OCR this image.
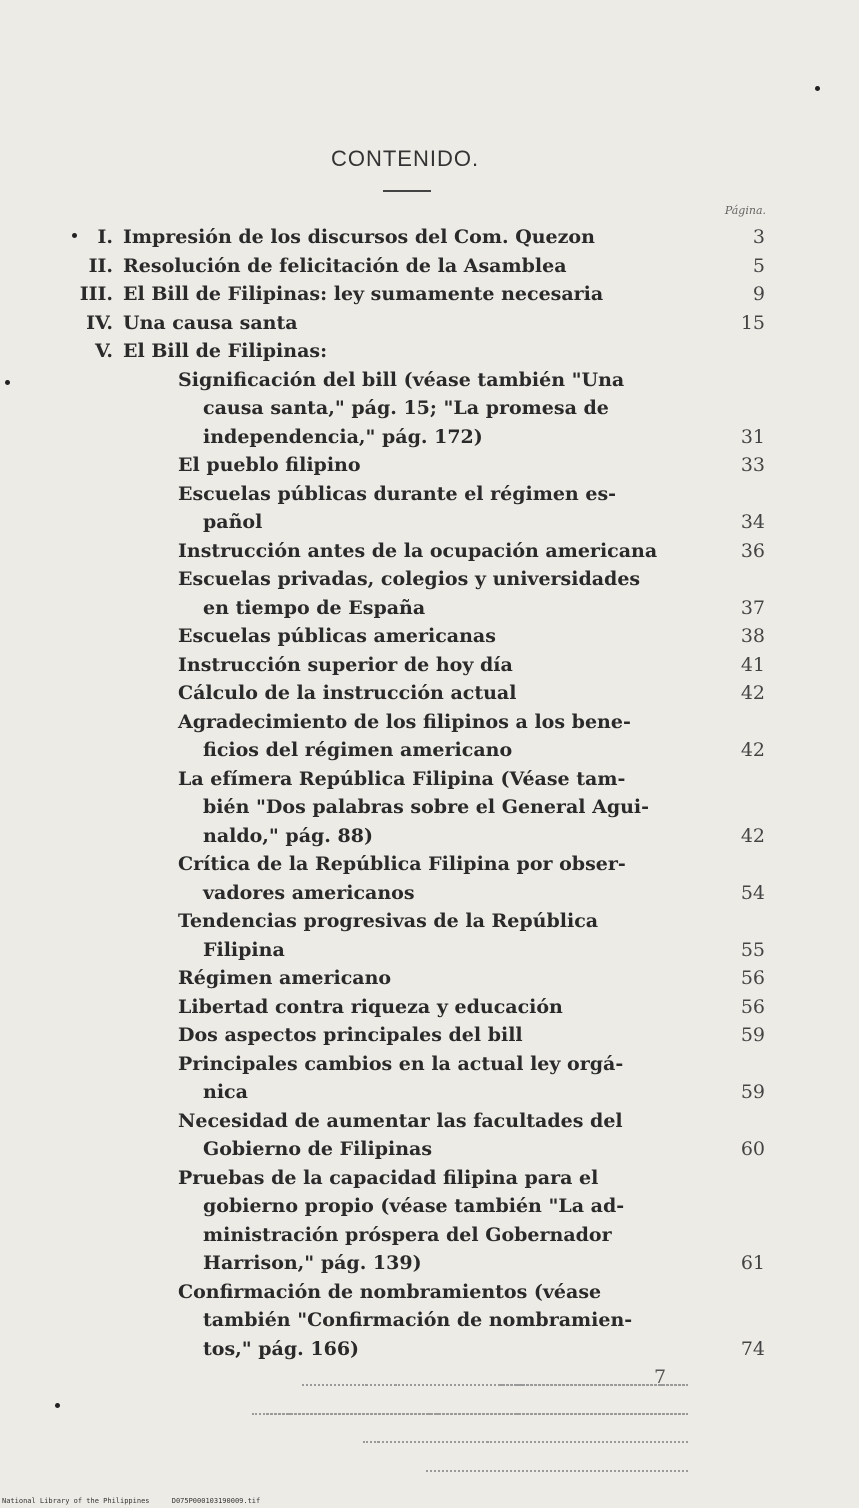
CONTENIDO.
Página.
I. Impresión de los discursos del Com. Quezon	3
II. Resolución de felicitación de la Asamblea	5
III. El Bill de Filipinas: ley sumamente necesaria	9
IV. Una causa santa	15
V. El Bill de Filipinas:
Significación del bill (véase también "Una
causa santa," pág. 15; "La promesa de
independencia," pág. 172)	31
El pueblo filipino	33
Escuelas públicas durante el régimen es-
pañol	34
Instrucción antes de la ocupación americana	36
Escuelas privadas, colegios y universidades
en tiempo de España	37
Escuelas públicas americanas	38
Instrucción superior de hoy día	41
Cálculo de la instrucción actual	42
Agradecimiento de los filipinos a los bene-
ficios del régimen americano	42
La efímera República Filipina (Véase tam-
bién "Dos palabras sobre el General Agui-
naldo," pág. 88)	42
Crítica de la República Filipina por obser-
vadores americanos	54
Tendencias progresivas de la República
Filipina	55
Régimen americano	56
Libertad contra riqueza y educación	56
Dos aspectos principales del bill	59
Principales cambios en la actual ley orgá-
nica	59
Necesidad de aumentar las facultades del
Gobierno de Filipinas	60
Pruebas de la capacidad filipina para el
gobierno propio (véase también "La ad-
ministración próspera del Gobernador
Harrison," pág. 139)	61
Confirmación de nombramientos (véase
también "Confirmación de nombramien-
tos," pág. 166)	74
7
National Library of the Philippines	D075P000103190009.tif
